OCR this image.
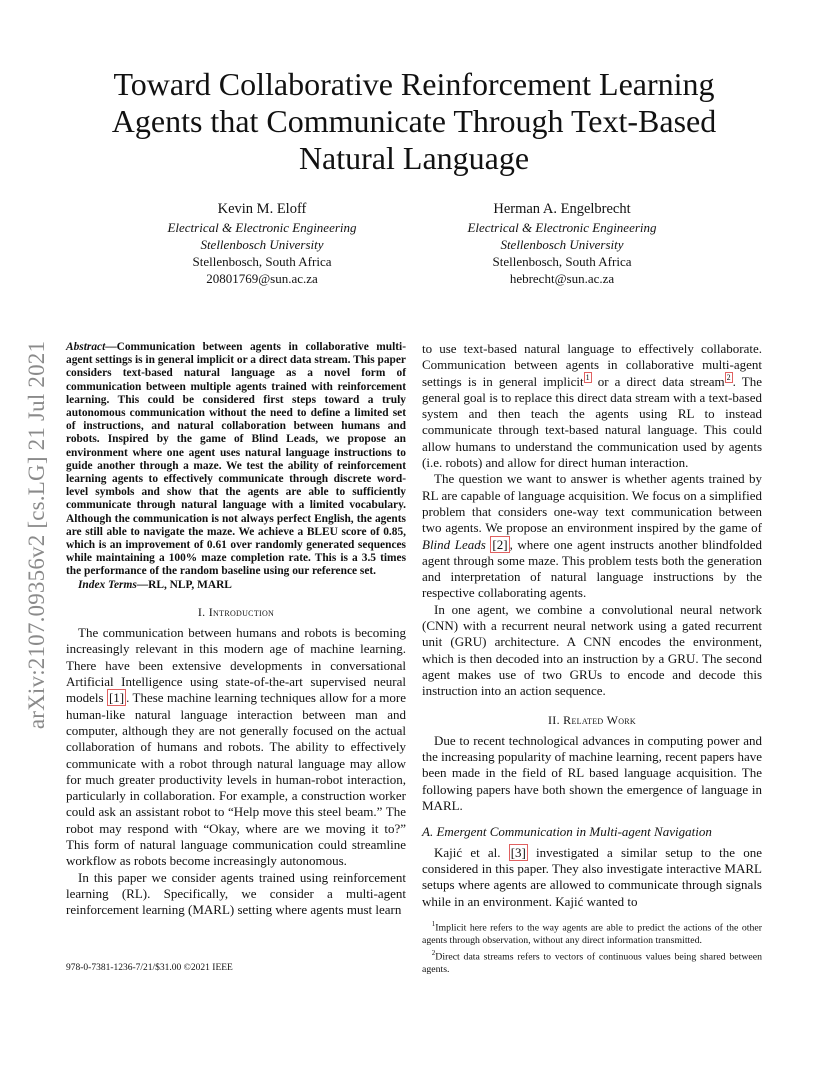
arXiv:2107.09356v2 [cs.LG] 21 Jul 2021
Toward Collaborative Reinforcement Learning
Agents that Communicate Through Text-Based
Natural Language
Kevin M. Eloff
Electrical & Electronic Engineering
Stellenbosch University
Stellenbosch, South Africa
20801769@sun.ac.za
Herman A. Engelbrecht
Electrical & Electronic Engineering
Stellenbosch University
Stellenbosch, South Africa
hebrecht@sun.ac.za
Abstract—Communication between agents in collaborative multi-agent settings is in general implicit or a direct data stream. This paper considers text-based natural language as a novel form of communication between multiple agents trained with reinforcement learning. This could be considered first steps toward a truly autonomous communication without the need to define a limited set of instructions, and natural collaboration between humans and robots. Inspired by the game of Blind Leads, we propose an environment where one agent uses natural language instructions to guide another through a maze. We test the ability of reinforcement learning agents to effectively communicate through discrete word-level symbols and show that the agents are able to sufficiently communicate through natural language with a limited vocabulary. Although the communication is not always perfect English, the agents are still able to navigate the maze. We achieve a BLEU score of 0.85, which is an improvement of 0.61 over randomly generated sequences while maintaining a 100% maze completion rate. This is a 3.5 times the performance of the random baseline using our reference set.
Index Terms—RL, NLP, MARL
I. Introduction

The communication between humans and robots is becoming increasingly relevant in this modern age of machine learning. There have been extensive developments in conversational Artificial Intelligence using state-of-the-art supervised neural models [1] . These machine learning techniques allow for a more human-like natural language interaction between man and computer, although they are not generally focused on the actual collaboration of humans and robots. The ability to effectively communicate with a robot through natural language may allow for much greater productivity levels in human-robot interaction, particularly in collaboration. For example, a construction worker could ask an assistant robot to “Help move this steel beam.” The robot may respond with “Okay, where are we moving it to?” This form of natural language communication could streamline workflow as robots become increasingly autonomous.

In this paper we consider agents trained using reinforcement learning (RL). Specifically, we consider a multi-agent reinforcement learning (MARL) setting where agents must learn

to use text-based natural language to effectively collaborate. Communication between agents in collaborative multi-agent settings is in general implicit $^1$ or a direct data stream $^2$ . The general goal is to replace this direct data stream with a text-based system and then teach the agents using RL to instead communicate through text-based natural language. This could allow humans to understand the communication used by agents (i.e. robots) and allow for direct human interaction.

The question we want to answer is whether agents trained by RL are capable of language acquisition. We focus on a simplified problem that considers one-way text communication between two agents. We propose an environment inspired by the game of Blind Leads [2] , where one agent instructs another blindfolded agent through some maze. This problem tests both the generation and interpretation of natural language instructions by the respective collaborating agents.

In one agent, we combine a convolutional neural network (CNN) with a recurrent neural network using a gated recurrent unit (GRU) architecture. A CNN encodes the environment, which is then decoded into an instruction by a GRU. The second agent makes use of two GRUs to encode and decode this instruction into an action sequence.

II. Related Work

Due to recent technological advances in computing power and the increasing popularity of machine learning, recent papers have been made in the field of RL based language acquisition. The following papers have both shown the emergence of language in MARL.

A. Emergent Communication in Multi-agent Navigation

Kajić et al. [3] investigated a similar setup to the one considered in this paper. They also investigate interactive MARL setups where agents are allowed to communicate through signals while in an environment. Kajić wanted to

 $^1$Implicit here refers to the way agents are able to predict the actions of the other agents through observation, without any direct information transmitted.
 $^2$Direct data streams refers to vectors of continuous values being shared between agents.
978-0-7381-1236-7/21/$31.00 ©2021 IEEE
